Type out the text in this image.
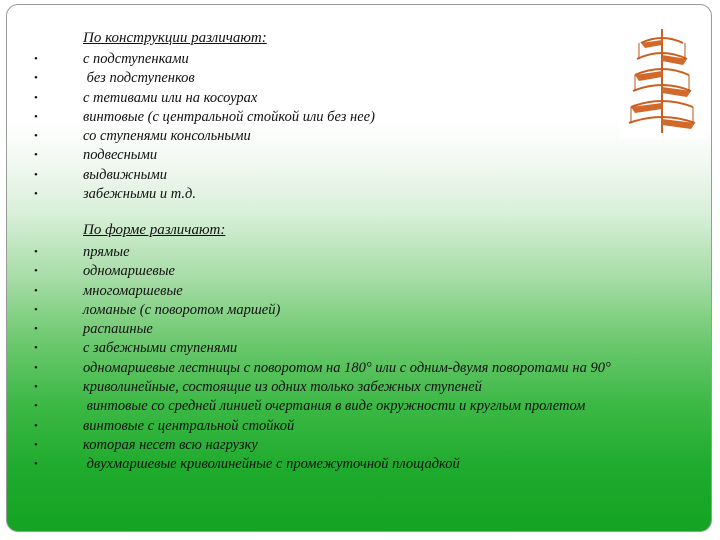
По конструкции различают:
•	с подступенками
•	без подступенков
•	с тетивами или на косоурах
•	винтовые (с центральной стойкой или без нее)
•	со ступенями консольными
•	подвесными
•	выдвижными
•	забежными и т.д.
По форме различают:
•	прямые
•	одномаршевые
•	многомаршевые
•	ломаные (с поворотом маршей)
•	распашные
•	с забежными ступенями
•	одномаршевые лестницы с поворотом на 180° или с одним-двумя поворотами на 90°
•	криволинейные, состоящие из одних только забежных ступеней
•	винтовые со средней линией очертания в виде окружности и круглым пролетом
•	винтовые с центральной стойкой
•	которая несет всю нагрузку
•	двухмаршевые криволинейные с промежуточной площадкой
